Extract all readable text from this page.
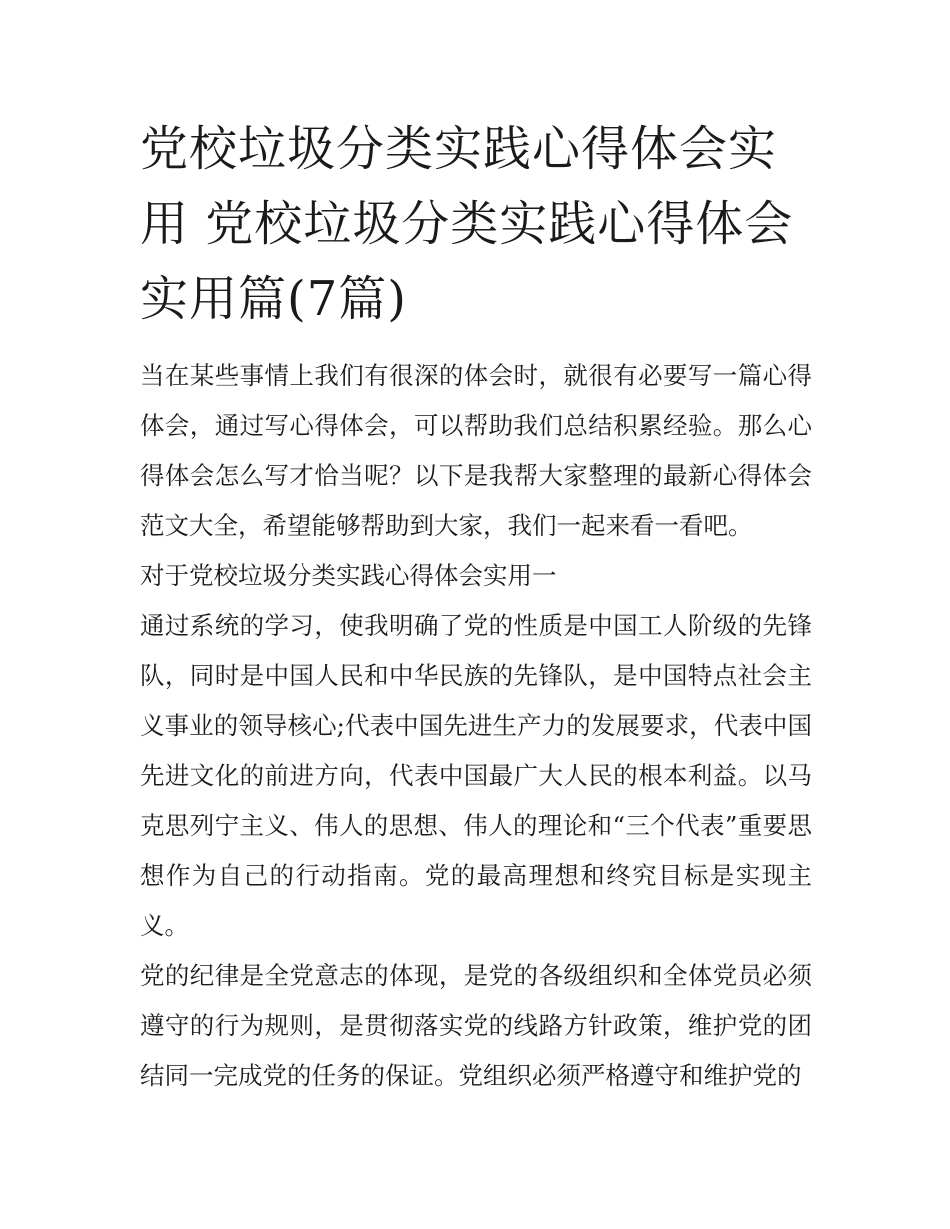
党校垃圾分类实践心得体会实用 党校垃圾分类实践心得体会实用篇(7篇)

当在某些事情上我们有很深的体会时，就很有必要写一篇心得体会，通过写心得体会，可以帮助我们总结积累经验。那么心得体会怎么写才恰当呢？以下是我帮大家整理的最新心得体会范文大全，希望能够帮助到大家，我们一起来看一看吧。

对于党校垃圾分类实践心得体会实用一

通过系统的学习，使我明确了党的性质是中国工人阶级的先锋队，同时是中国人民和中华民族的先锋队，是中国特点社会主义事业的领导核心;代表中国先进生产力的发展要求，代表中国先进文化的前进方向，代表中国最广大人民的根本利益。以马克思列宁主义、伟人的思想、伟人的理论和“三个代表”重要思想作为自己的行动指南。党的最高理想和终究目标是实现主义。

党的纪律是全党意志的体现，是党的各级组织和全体党员必须遵守的行为规则，是贯彻落实党的线路方针政策，维护党的团结同一完成党的任务的保证。党组织必须严格遵守和维护党的
